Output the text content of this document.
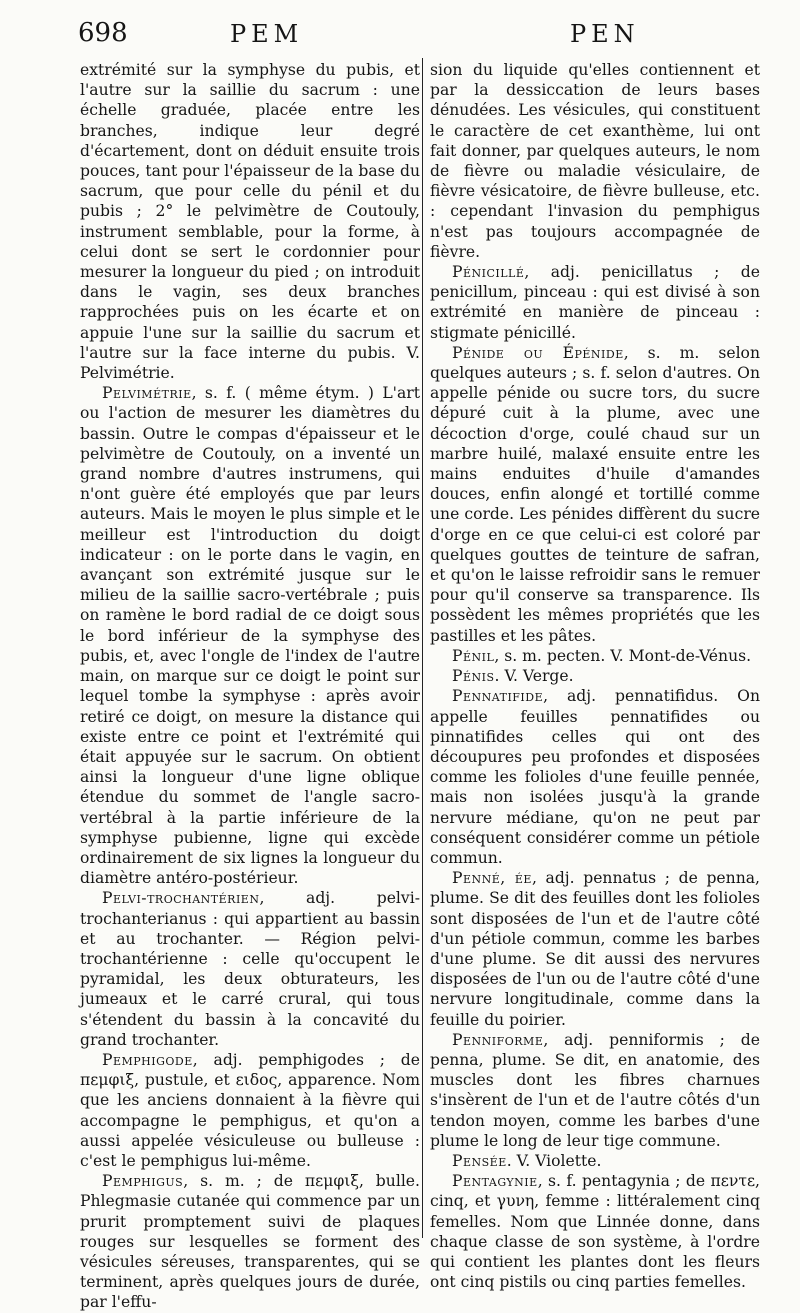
698	PEM	PEN

extrémité sur la symphyse du pubis, et l'autre sur la saillie du sacrum : une échelle graduée, placée entre les branches, indique leur degré d'écartement, dont on déduit ensuite trois pouces, tant pour l'épaisseur de la base du sacrum, que pour celle du pénil et du pubis ; 2° le pelvimètre de Coutouly, instrument semblable, pour la forme, à celui dont se sert le cordonnier pour mesurer la longueur du pied ; on introduit dans le vagin, ses deux branches rapprochées puis on les écarte et on appuie l'une sur la saillie du sacrum et l'autre sur la face interne du pubis. V. Pelvimétrie.

Pelvimétrie, s. f. ( même étym. ) L'art ou l'action de mesurer les diamètres du bassin. Outre le compas d'épaisseur et le pelvimètre de Coutouly, on a inventé un grand nombre d'autres instrumens, qui n'ont guère été employés que par leurs auteurs. Mais le moyen le plus simple et le meilleur est l'introduction du doigt indicateur : on le porte dans le vagin, en avançant son extrémité jusque sur le milieu de la saillie sacro-vertébrale ; puis on ramène le bord radial de ce doigt sous le bord inférieur de la symphyse des pubis, et, avec l'ongle de l'index de l'autre main, on marque sur ce doigt le point sur lequel tombe la symphyse : après avoir retiré ce doigt, on mesure la distance qui existe entre ce point et l'extrémité qui était appuyée sur le sacrum. On obtient ainsi la longueur d'une ligne oblique étendue du sommet de l'angle sacro-vertébral à la partie inférieure de la symphyse pubienne, ligne qui excède ordinairement de six lignes la longueur du diamètre antéro-postérieur.

Pelvi-trochantérien, adj. pelvi-trochanterianus : qui appartient au bassin et au trochanter. — Région pelvi-trochantérienne : celle qu'occupent le pyramidal, les deux obturateurs, les jumeaux et le carré crural, qui tous s'étendent du bassin à la concavité du grand trochanter.

Pemphigode, adj. pemphigodes ; de πεμφιξ, pustule, et ειδος, apparence. Nom que les anciens donnaient à la fièvre qui accompagne le pemphigus, et qu'on a aussi appelée vésiculeuse ou bulleuse : c'est le pemphigus lui-même.

Pemphigus, s. m. ; de πεμφιξ, bulle. Phlegmasie cutanée qui commence par un prurit promptement suivi de plaques rouges sur lesquelles se forment des vésicules séreuses, transparentes, qui se terminent, après quelques jours de durée, par l'effu-

sion du liquide qu'elles contiennent et par la dessiccation de leurs bases dénudées. Les vésicules, qui constituent le caractère de cet exanthème, lui ont fait donner, par quelques auteurs, le nom de fièvre ou maladie vésiculaire, de fièvre vésicatoire, de fièvre bulleuse, etc. : cependant l'invasion du pemphigus n'est pas toujours accompagnée de fièvre.

Pénicillé, adj. penicillatus ; de penicillum, pinceau : qui est divisé à son extrémité en manière de pinceau : stigmate pénicillé.

Pénide ou Épénide, s. m. selon quelques auteurs ; s. f. selon d'autres. On appelle pénide ou sucre tors, du sucre dépuré cuit à la plume, avec une décoction d'orge, coulé chaud sur un marbre huilé, malaxé ensuite entre les mains enduites d'huile d'amandes douces, enfin alongé et tortillé comme une corde. Les pénides diffèrent du sucre d'orge en ce que celui-ci est coloré par quelques gouttes de teinture de safran, et qu'on le laisse refroidir sans le remuer pour qu'il conserve sa transparence. Ils possèdent les mêmes propriétés que les pastilles et les pâtes.

Pénil, s. m. pecten. V. Mont-de-Vénus.

Pénis. V. Verge.

Pennatifide, adj. pennatifidus. On appelle feuilles pennatifides ou pinnatifides celles qui ont des découpures peu profondes et disposées comme les folioles d'une feuille pennée, mais non isolées jusqu'à la grande nervure médiane, qu'on ne peut par conséquent considérer comme un pétiole commun.

Penné, ée, adj. pennatus ; de penna, plume. Se dit des feuilles dont les folioles sont disposées de l'un et de l'autre côté d'un pétiole commun, comme les barbes d'une plume. Se dit aussi des nervures disposées de l'un ou de l'autre côté d'une nervure longitudinale, comme dans la feuille du poirier.

Penniforme, adj. penniformis ; de penna, plume. Se dit, en anatomie, des muscles dont les fibres charnues s'insèrent de l'un et de l'autre côtés d'un tendon moyen, comme les barbes d'une plume le long de leur tige commune.

Pensée. V. Violette.

Pentagynie, s. f. pentagynia ; de πεντε, cinq, et γυνη, femme : littéralement cinq femelles. Nom que Linnée donne, dans chaque classe de son système, à l'ordre qui contient les plantes dont les fleurs ont cinq pistils ou cinq parties femelles.
